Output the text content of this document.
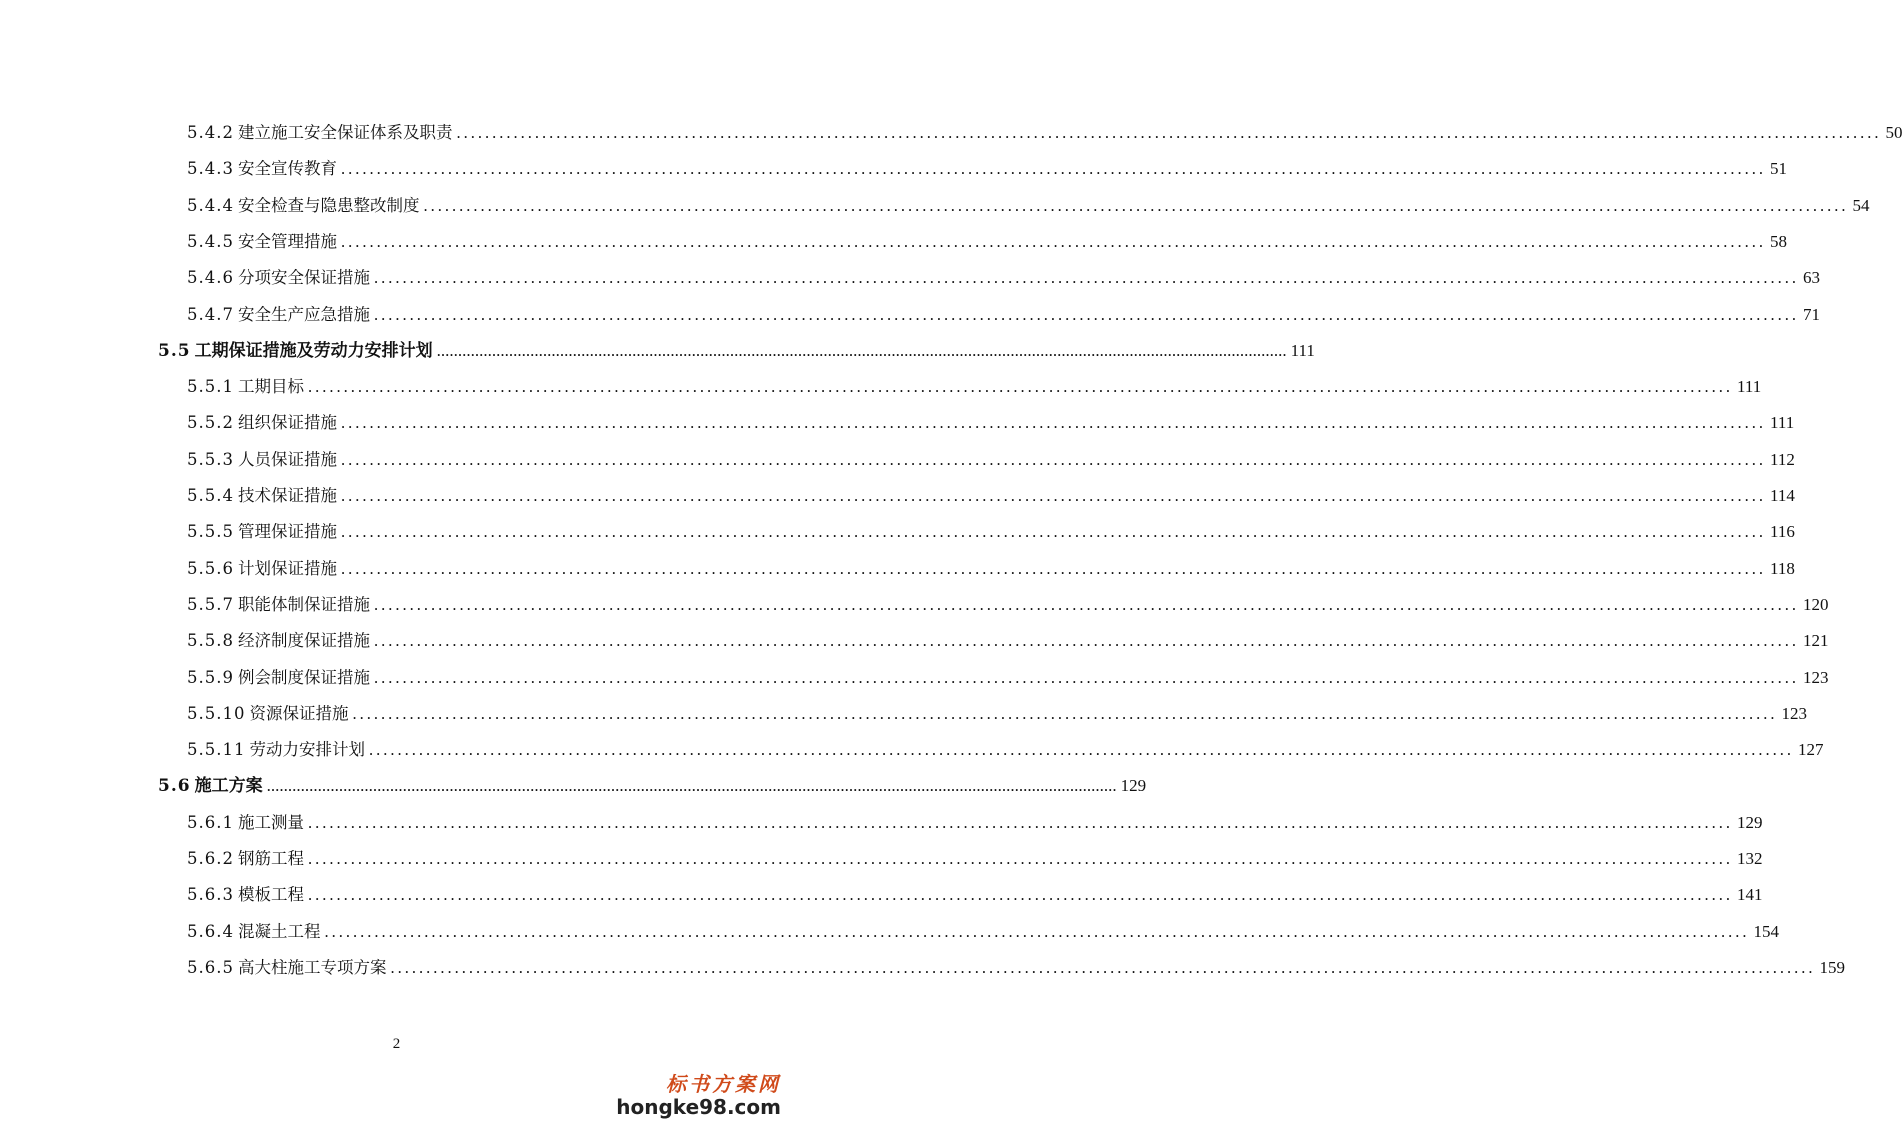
5.4.2 建立施工安全保证体系及职责 ........................................................................................................................................................................................................ 50
5.4.3 安全宣传教育 ........................................................................................................................................................................................................ 51
5.4.4 安全检查与隐患整改制度 ........................................................................................................................................................................................................ 54
5.4.5 安全管理措施 ........................................................................................................................................................................................................ 58
5.4.6 分项安全保证措施 ........................................................................................................................................................................................................ 63
5.4.7 安全生产应急措施 ........................................................................................................................................................................................................ 71
5.5 工期保证措施及劳动力安排计划 ........................................................................................................................................................................................................ 111
5.5.1 工期目标 ........................................................................................................................................................................................................ 111
5.5.2 组织保证措施 ........................................................................................................................................................................................................ 111
5.5.3 人员保证措施 ........................................................................................................................................................................................................ 112
5.5.4 技术保证措施 ........................................................................................................................................................................................................ 114
5.5.5 管理保证措施 ........................................................................................................................................................................................................ 116
5.5.6 计划保证措施 ........................................................................................................................................................................................................ 118
5.5.7 职能体制保证措施 ........................................................................................................................................................................................................ 120
5.5.8 经济制度保证措施 ........................................................................................................................................................................................................ 121
5.5.9 例会制度保证措施 ........................................................................................................................................................................................................ 123
5.5.10 资源保证措施 ........................................................................................................................................................................................................ 123
5.5.11 劳动力安排计划 ........................................................................................................................................................................................................ 127
5.6 施工方案 ........................................................................................................................................................................................................ 129
5.6.1 施工测量 ........................................................................................................................................................................................................ 129
5.6.2 钢筋工程 ........................................................................................................................................................................................................ 132
5.6.3 模板工程 ........................................................................................................................................................................................................ 141
5.6.4 混凝土工程 ........................................................................................................................................................................................................ 154
5.6.5 高大柱施工专项方案 ........................................................................................................................................................................................................ 159
2
标书方案网
hongke98.com
